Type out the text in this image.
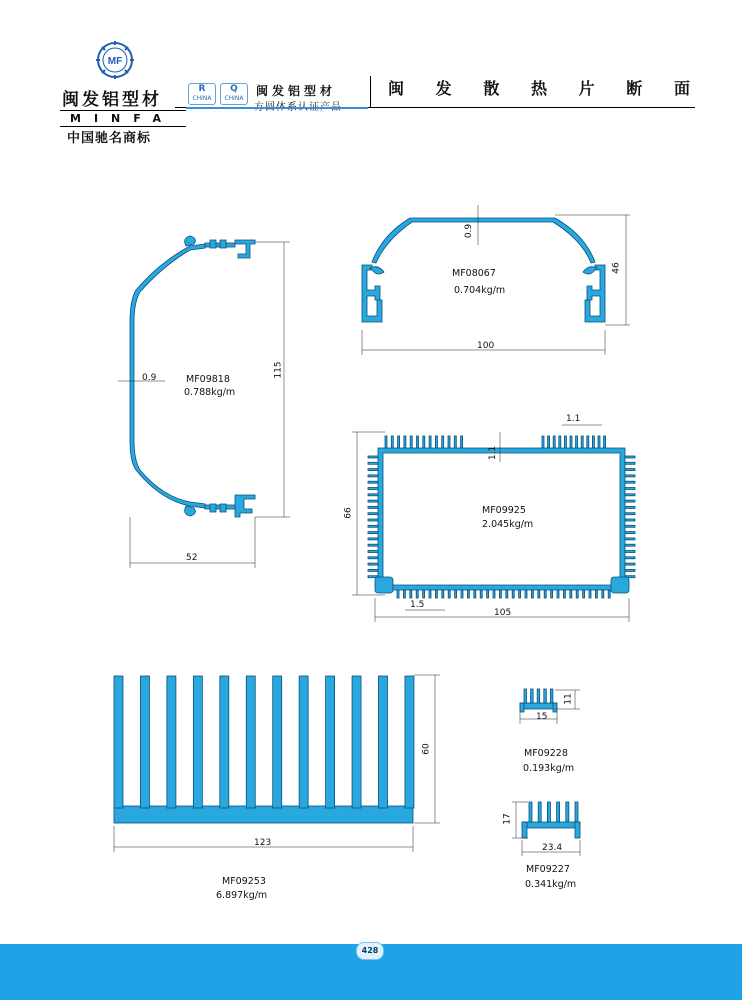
MF
闽发铝型材
MINFA
中国驰名商标
R
CHINA
Q
CHINA
闽发铝型材	闽 发 散 热 片 断 面
115
52
0.9	MF09818
0.788kg/m
MF08067
0.704kg/m
100
46
0.9
MF09925
2.045kg/m
66
105
1.1
1.1
1.5
60
123
MF09253
6.897kg/m
15
11
MF09228
0.193kg/m
17
23.4
MF09227
0.341kg/m
428
